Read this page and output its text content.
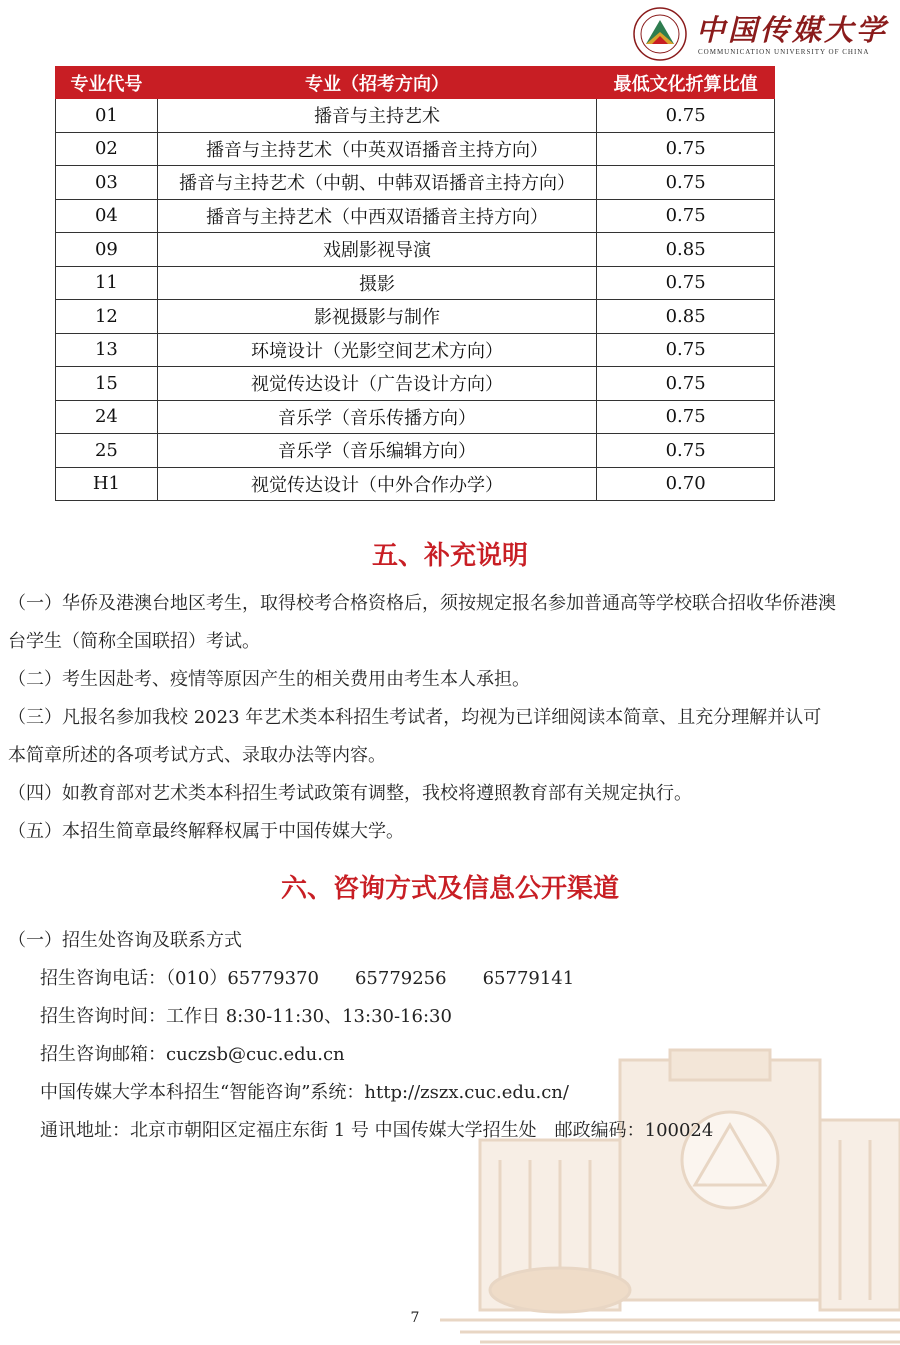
中国传媒大学
COMMUNICATION UNIVERSITY OF CHINA
专业代号	专业（招考方向）	最低文化折算比值
01	播音与主持艺术	0.75
02	播音与主持艺术（中英双语播音主持方向）	0.75
03	播音与主持艺术（中朝、中韩双语播音主持方向）	0.75
04	播音与主持艺术（中西双语播音主持方向）	0.75
09	戏剧影视导演	0.85
11	摄影	0.75
12	影视摄影与制作	0.85
13	环境设计（光影空间艺术方向）	0.75
15	视觉传达设计（广告设计方向）	0.75
24	音乐学（音乐传播方向）	0.75
25	音乐学（音乐编辑方向）	0.75
H1	视觉传达设计（中外合作办学）	0.70
五、补充说明
（一）华侨及港澳台地区考生，取得校考合格资格后，须按规定报名参加普通高等学校联合招收华侨港澳台学生（简称全国联招）考试。
（二）考生因赴考、疫情等原因产生的相关费用由考生本人承担。
（三）凡报名参加我校 2023 年艺术类本科招生考试者，均视为已详细阅读本简章、且充分理解并认可本简章所述的各项考试方式、录取办法等内容。
（四）如教育部对艺术类本科招生考试政策有调整，我校将遵照教育部有关规定执行。
（五）本招生简章最终解释权属于中国传媒大学。
六、咨询方式及信息公开渠道
（一）招生处咨询及联系方式
招生咨询电话：（010）65779370　　65779256　　65779141
招生咨询时间：工作日 8:30-11:30、13:30-16:30
招生咨询邮箱：cuczsb@cuc.edu.cn
中国传媒大学本科招生“智能咨询”系统：http://zszx.cuc.edu.cn/
通讯地址：北京市朝阳区定福庄东街 1 号 中国传媒大学招生处　邮政编码：100024
7
